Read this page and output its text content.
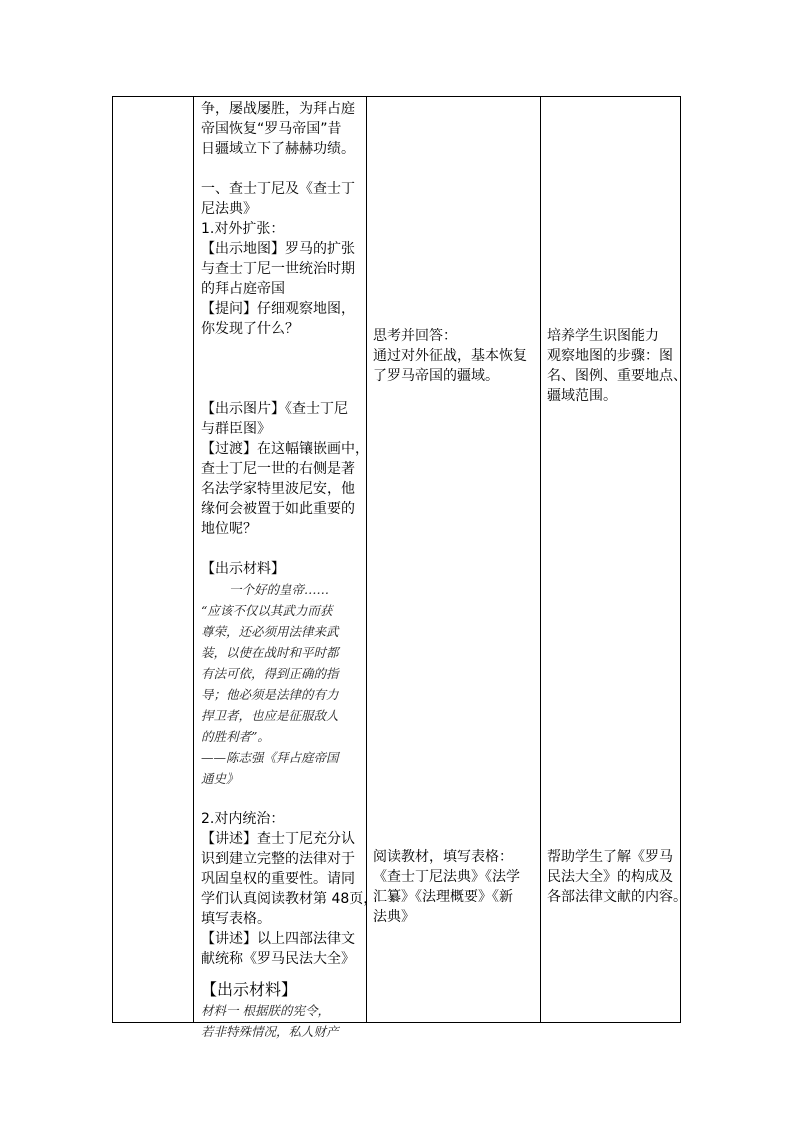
争，屡战屡胜，为拜占庭

帝国恢复“罗马帝国”昔

日疆域立下了赫赫功绩。

一、查士丁尼及《查士丁

尼法典》

1.对外扩张：

【出示地图】罗马的扩张

与查士丁尼一世统治时期

的拜占庭帝国

【提问】仔细观察地图，

你发现了什么？

【出示图片】《查士丁尼

与群臣图》

【过渡】在这幅镶嵌画中，

查士丁尼一世的右侧是著

名法学家特里波尼安，他

缘何会被置于如此重要的

地位呢？

【出示材料】

一个好的皇帝……

“应该不仅以其武力而获

尊荣，还必须用法律来武

装，以使在战时和平时都

有法可依，得到正确的指

导；他必须是法律的有力

捍卫者，也应是征服敌人

的胜利者”。

——陈志强《拜占庭帝国

通史》

2.对内统治：

【讲述】查士丁尼充分认

识到建立完整的法律对于

巩固皇权的重要性。请同

学们认真阅读教材第 48页，

填写表格。

【讲述】以上四部法律文

献统称《罗马民法大全》

【出示材料】

材料一 根据朕的宪令，

若非特殊情况，私人财产

思考并回答：

通过对外征战，基本恢复

了罗马帝国的疆域。

阅读教材，填写表格：

《查士丁尼法典》《法学

汇纂》《法理概要》《新

法典》

培养学生识图能力

观察地图的步骤：图

名、图例、重要地点、

疆域范围。

帮助学生了解《罗马

民法大全》的构成及

各部法律文献的内容。
